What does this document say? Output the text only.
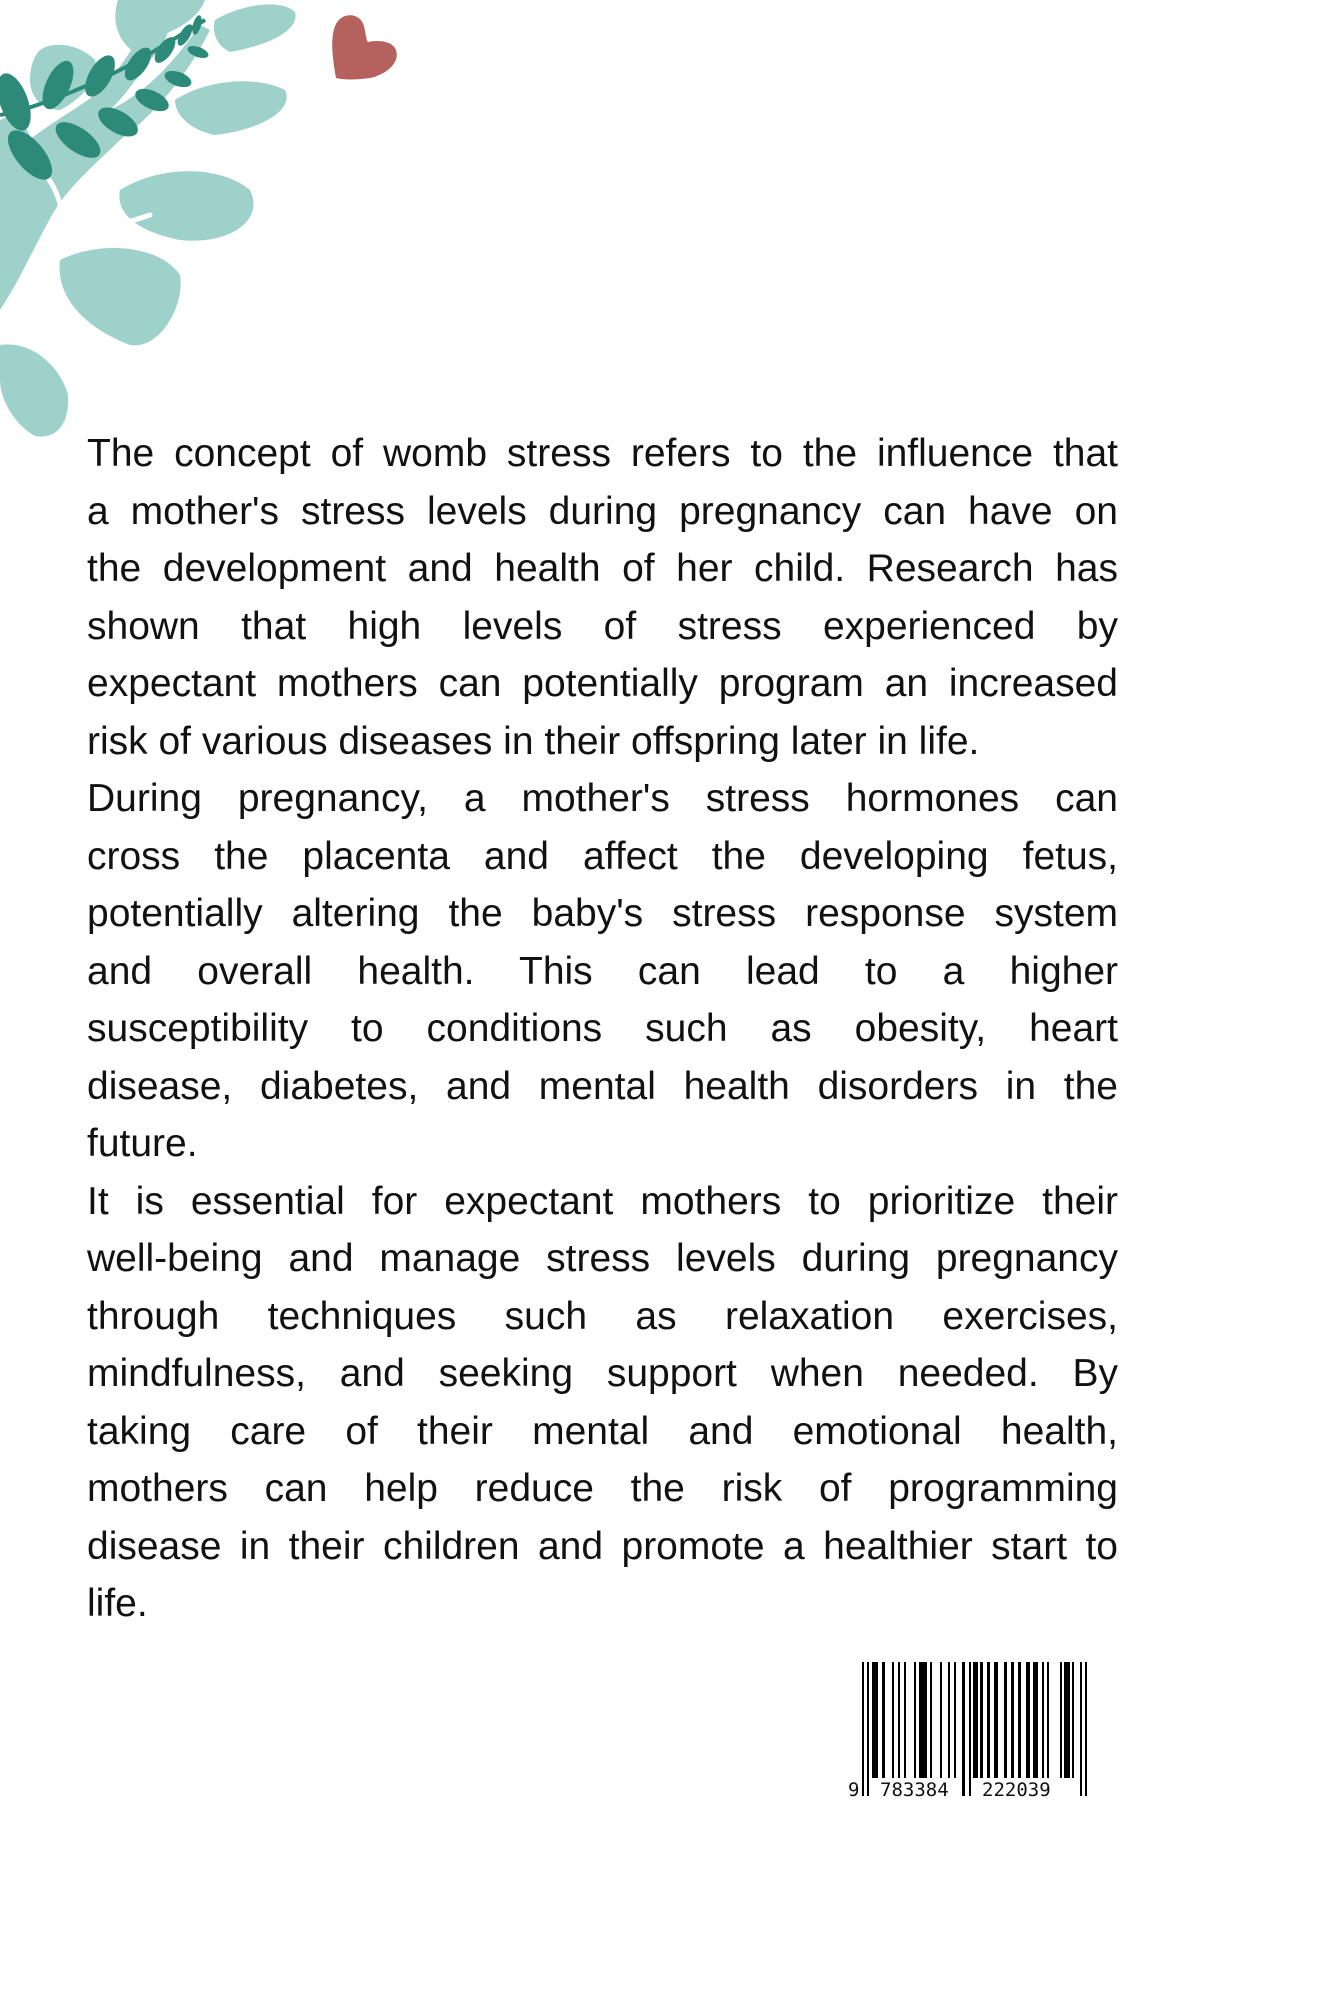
The concept of womb stress refers to the influence that
a mother's stress levels during pregnancy can have on
the development and health of her child. Research has
shown that high levels of stress experienced by
expectant mothers can potentially program an increased
risk of various diseases in their offspring later in life.
During pregnancy, a mother's stress hormones can
cross the placenta and affect the developing fetus,
potentially altering the baby's stress response system
and overall health. This can lead to a higher
susceptibility to conditions such as obesity, heart
disease, diabetes, and mental health disorders in the
future.
It is essential for expectant mothers to prioritize their
well-being and manage stress levels during pregnancy
through techniques such as relaxation exercises,
mindfulness, and seeking support when needed. By
taking care of their mental and emotional health,
mothers can help reduce the risk of programming
disease in their children and promote a healthier start to
life.
9 783384 222039
